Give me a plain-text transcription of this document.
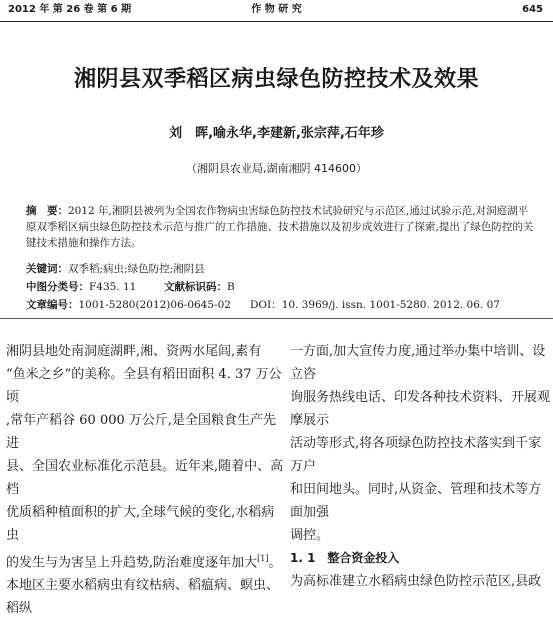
2012 年 第 26 卷 第 6 期	作 物 研 究	645
湘阴县双季稻区病虫绿色防控技术及效果
刘　晖,喻永华,李建新,张宗萍,石年珍
（湘阴县农业局,湖南湘阴 414600）
摘　要：2012 年,湘阴县被列为全国农作物病虫害绿色防控技术试验研究与示范区,通过试验示范,对洞庭湖平原双季稻区病虫绿色防控技术示范与推广的工作措施、技术措施以及初步成效进行了探索,提出了绿色防控的关键技术措施和操作方法。
关键词：双季稻;病虫;绿色防控;湘阴县
中图分类号：F435. 11	文献标识码：B
文章编号：1001-5280(2012)06-0645-02 DOI：10. 3969/j. issn. 1001-5280. 2012. 06. 07

湘阴县地处南洞庭湖畔,湘、资两水尾闾,素有

“鱼米之乡”的美称。全县有稻田面积 4. 37 万公顷

,常年产稻谷 60 000 万公斤,是全国粮食生产先进

县、全国农业标准化示范县。近年来,随着中、高档

优质稻种植面积的扩大,全球气候的变化,水稻病虫

的发生与为害呈上升趋势,防治难度逐年加大[1]。

本地区主要水稻病虫有纹枯病、稻瘟病、螟虫、稻纵

一方面,加大宣传力度,通过举办集中培训、设立咨

询服务热线电话、印发各种技术资料、开展观摩展示

活动等形式,将各项绿色防控技术落实到千家万户

和田间地头。同时,从资金、管理和技术等方面加强

调控。

1. 1　整合资金投入

为高标准建立水稻病虫绿色防控示范区,县政
